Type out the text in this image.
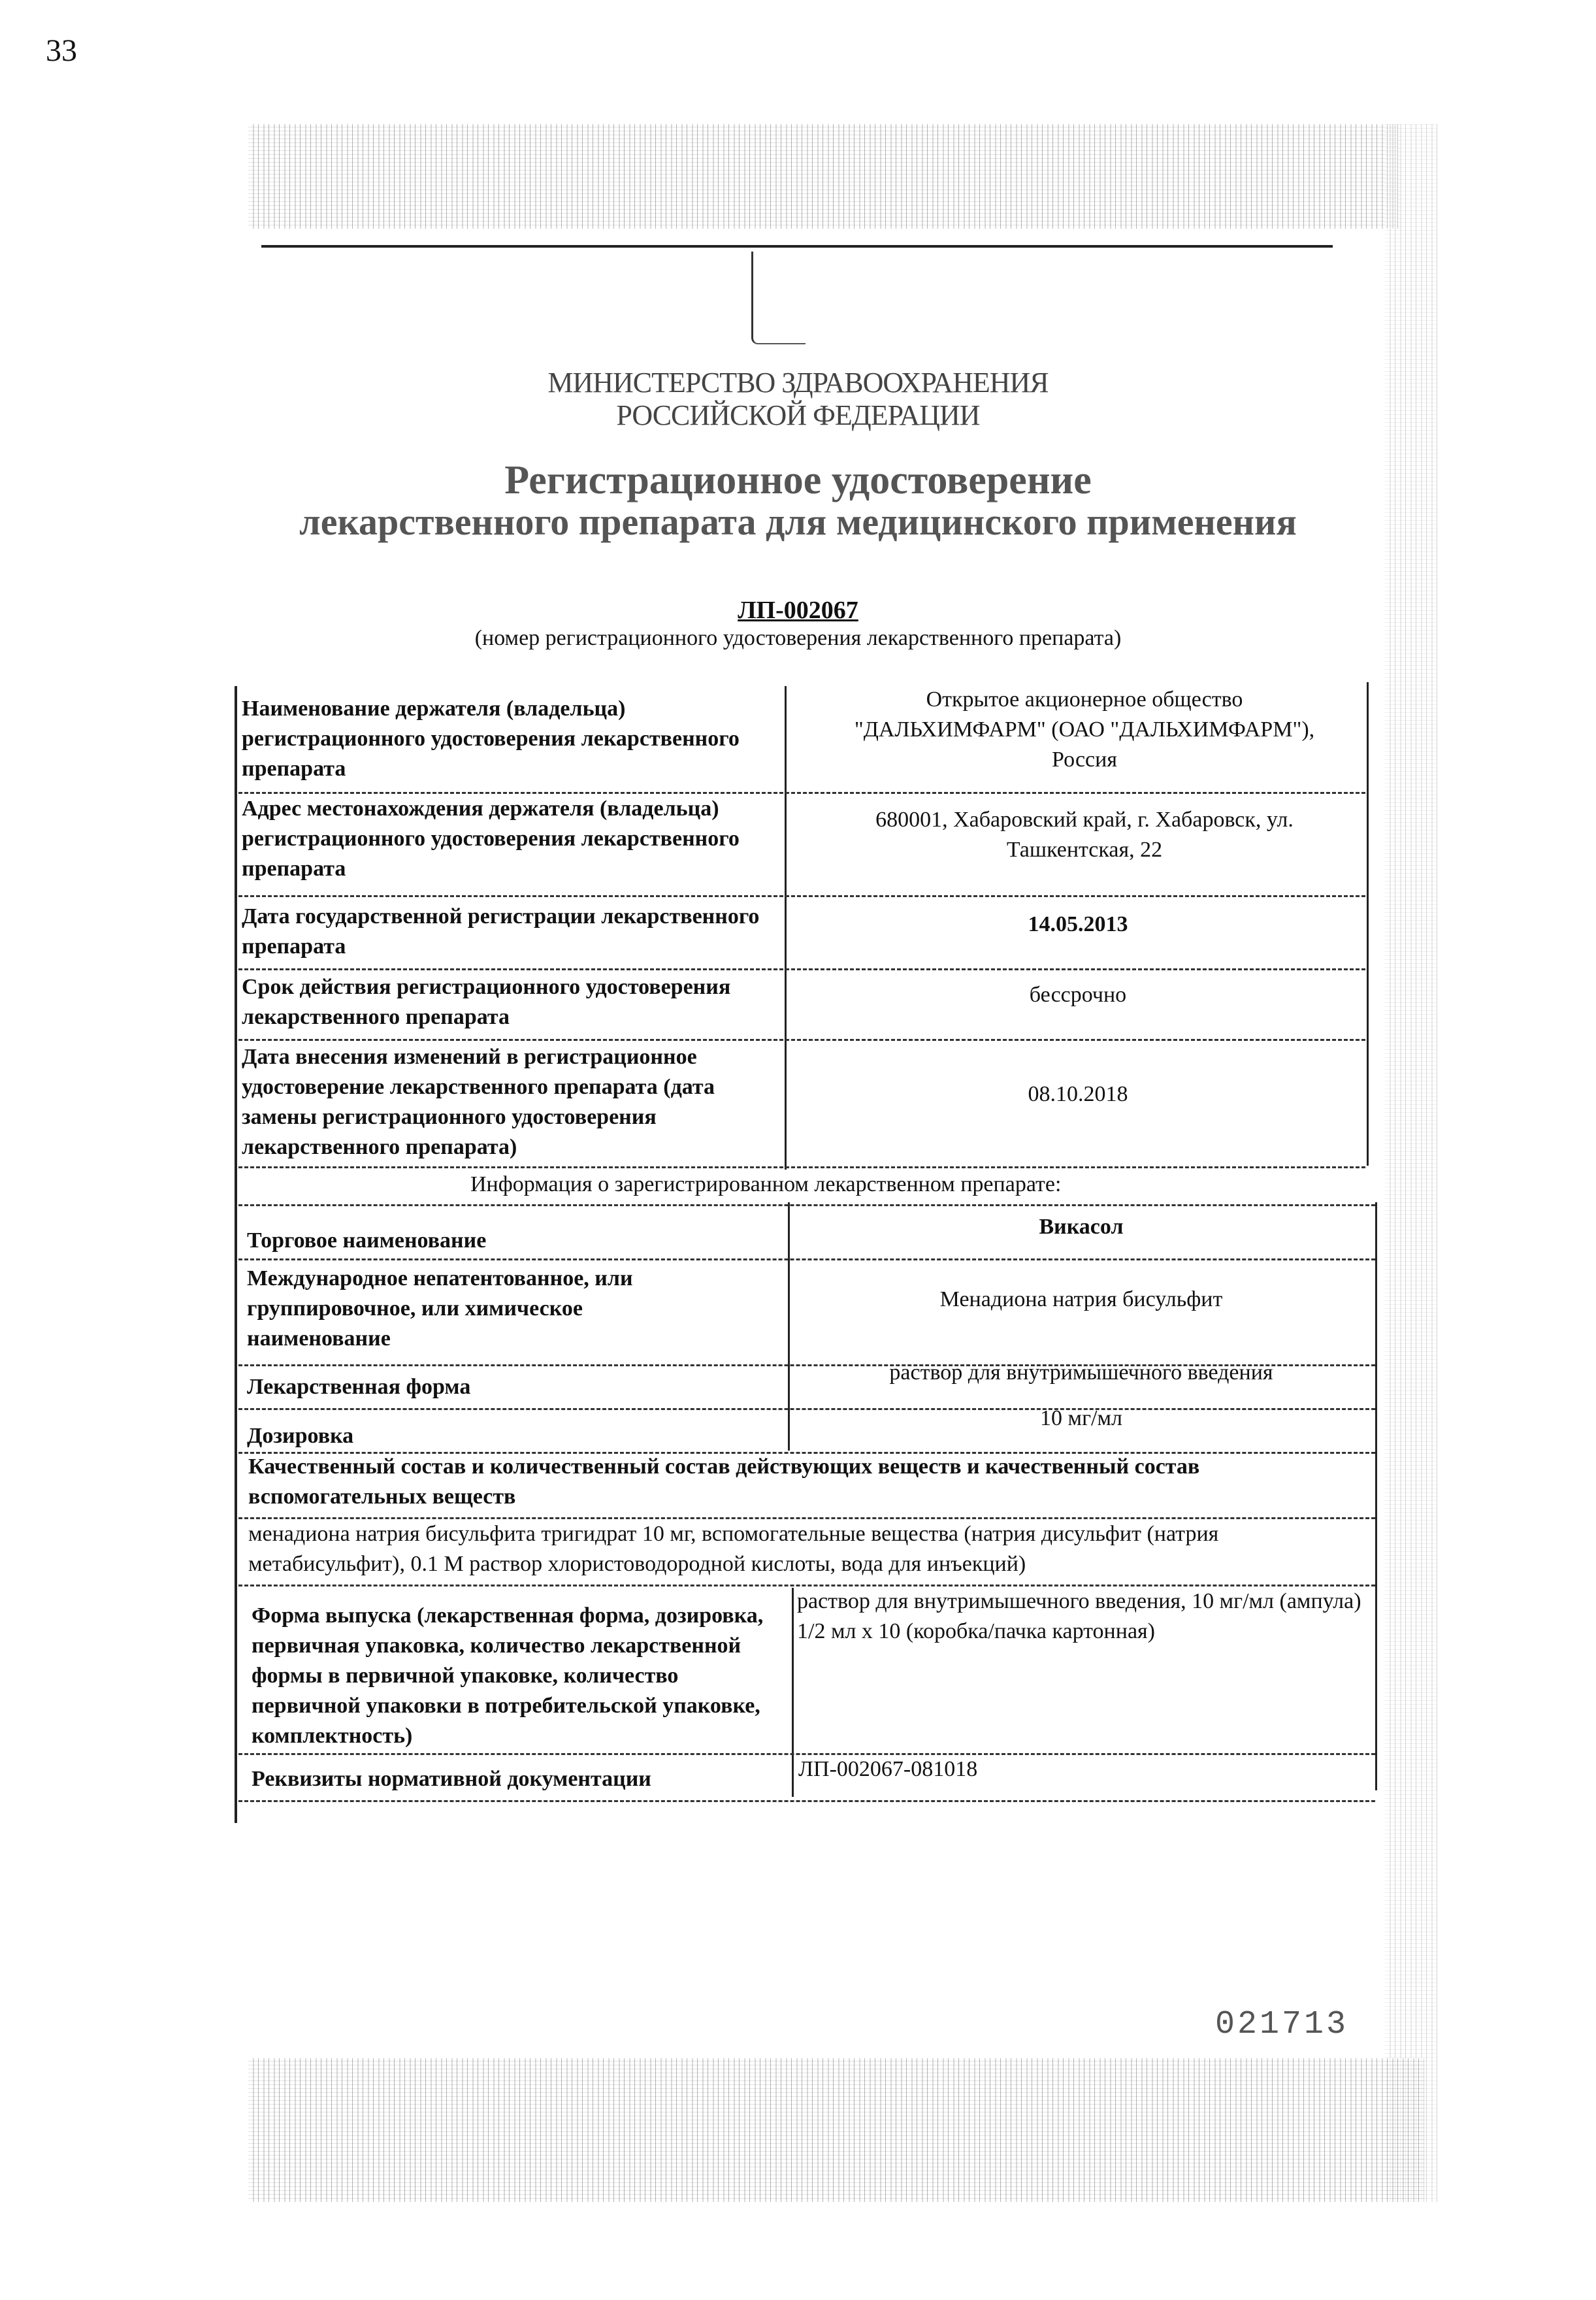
33
МИНИСТЕРСТВО ЗДРАВООХРАНЕНИЯ
РОССИЙСКОЙ ФЕДЕРАЦИИ
Регистрационное удостоверение
лекарственного препарата для медицинского применения
ЛП-002067
(номер регистрационного удостоверения лекарственного препарата)
Наименование держателя (владельца) регистрационного удостоверения лекарственного препарата
Открытое акционерное общество "ДАЛЬХИМФАРМ" (ОАО "ДАЛЬХИМФАРМ"), Россия
Адрес местонахождения держателя (владельца) регистрационного удостоверения лекарственного препарата
680001, Хабаровский край, г. Хабаровск, ул. Ташкентская, 22
Дата государственной регистрации лекарственного препарата
14.05.2013
Срок действия регистрационного удостоверения лекарственного препарата
бессрочно
Дата внесения изменений в регистрационное удостоверение лекарственного препарата (дата замены регистрационного удостоверения лекарственного препарата)
08.10.2018
Информация о зарегистрированном лекарственном препарате:
Торговое наименование
Викасол
Международное непатентованное, или группировочное, или химическое наименование
Менадиона натрия бисульфит
Лекарственная форма
раствор для внутримышечного введения
Дозировка
10 мг/мл
Качественный состав и количественный состав действующих веществ и качественный состав вспомогательных веществ
менадиона натрия бисульфита тригидрат 10 мг, вспомогательные вещества (натрия дисульфит (натрия метабисульфит), 0.1 М раствор хлористоводородной кислоты, вода для инъекций)
Форма выпуска (лекарственная форма, дозировка, первичная упаковка, количество лекарственной формы в первичной упаковке, количество первичной упаковки в потребительской упаковке, комплектность)
раствор для внутримышечного введения, 10 мг/мл (ампула) 1/2 мл х 10 (коробка/пачка картонная)
Реквизиты нормативной документации	ЛП-002067-081018
021713
